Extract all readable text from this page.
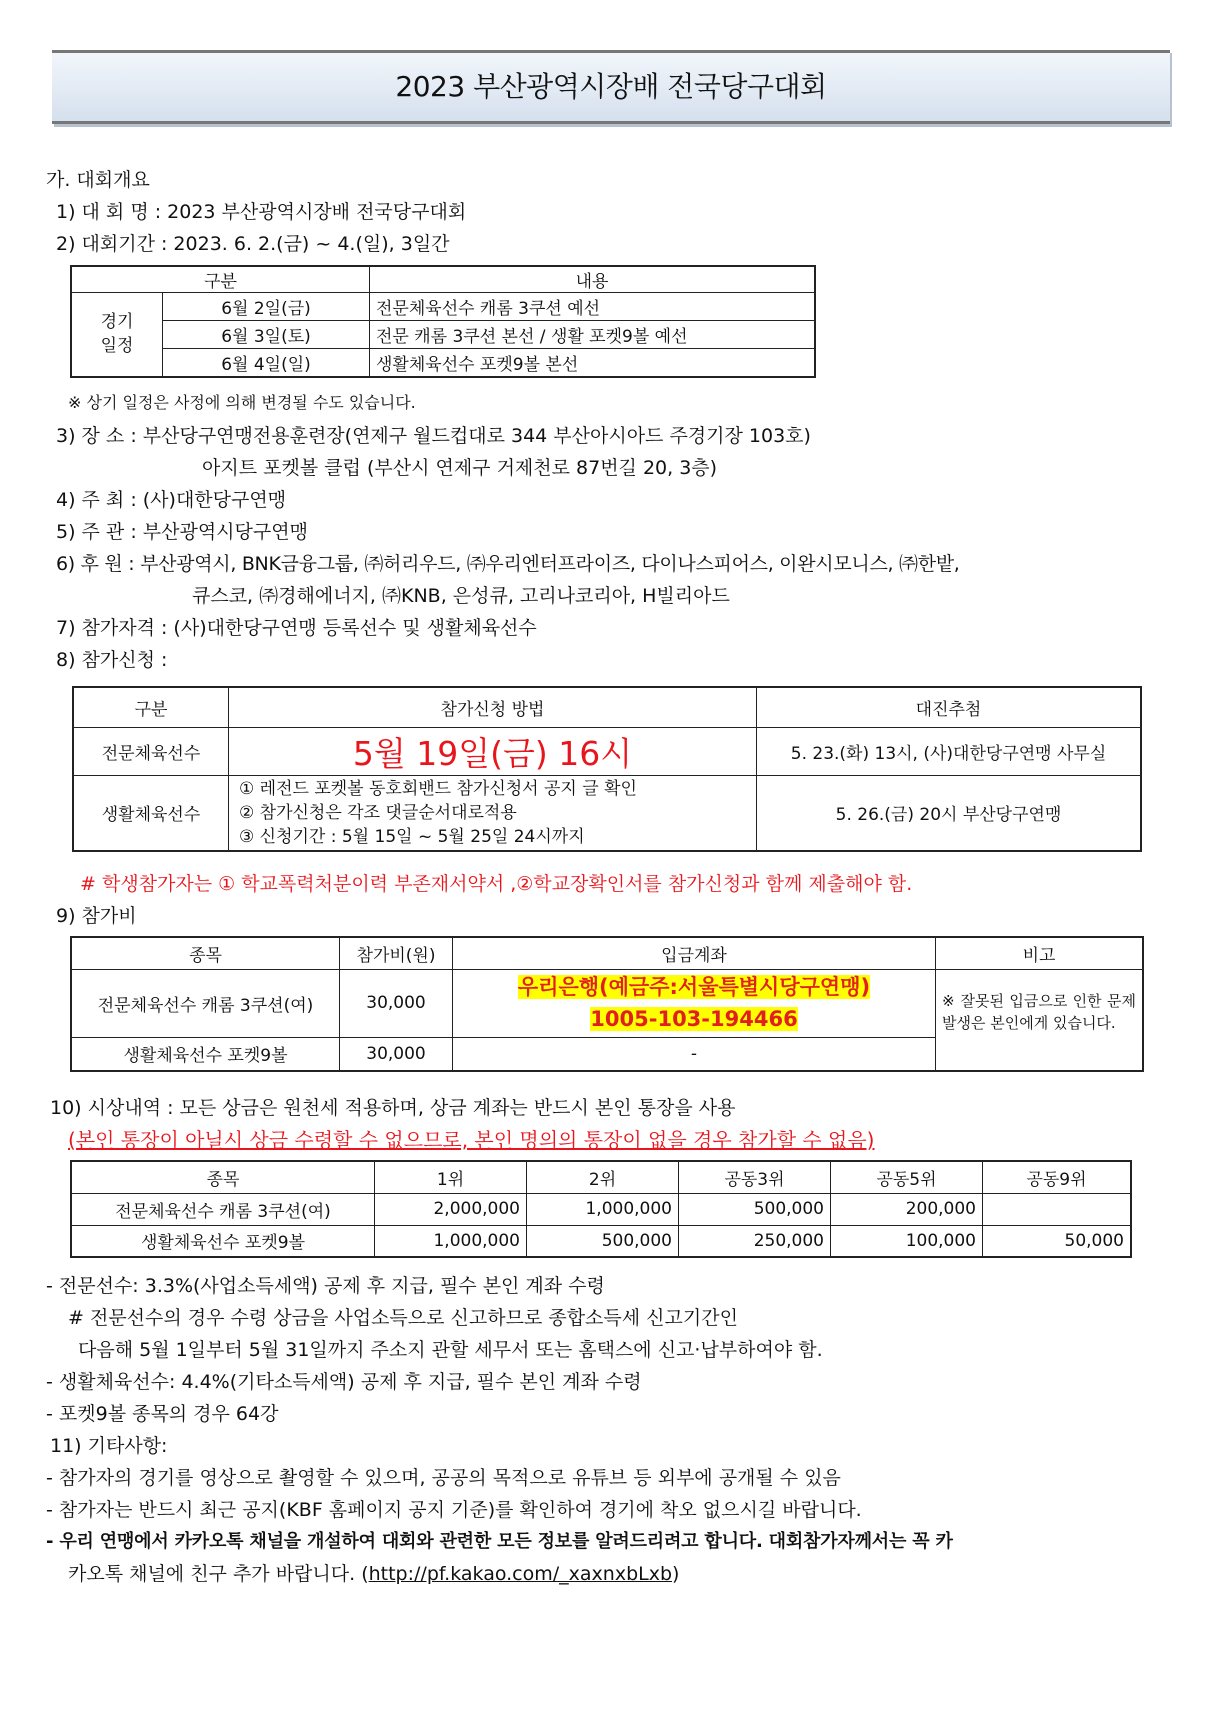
2023 부산광역시장배 전국당구대회
가. 대회개요
1) 대 회 명 : 2023 부산광역시장배 전국당구대회
2) 대회기간 : 2023. 6. 2.(금) ~ 4.(일), 3일간
구분		내용
경기
일정	6월 2일(금)	전문체육선수 캐롬 3쿠션 예선
	6월 3일(토)	전문 캐롬 3쿠션 본선 / 생활 포켓9볼 예선
	6월 4일(일)	생활체육선수 포켓9볼 본선
※ 상기 일정은 사정에 의해 변경될 수도 있습니다.
3) 장 소 : 부산당구연맹전용훈련장(연제구 월드컵대로 344 부산아시아드 주경기장 103호)
아지트 포켓볼 클럽 (부산시 연제구 거제천로 87번길 20, 3층)
4) 주 최 : (사)대한당구연맹
5) 주 관 : 부산광역시당구연맹
6) 후 원 : 부산광역시, BNK금융그룹, ㈜허리우드, ㈜우리엔터프라이즈, 다이나스피어스, 이완시모니스, ㈜한밭,
큐스코, ㈜경해에너지, ㈜KNB, 은성큐, 고리나코리아, H빌리아드
7) 참가자격 : (사)대한당구연맹 등록선수 및 생활체육선수
8) 참가신청 :
구분	참가신청 방법	대진추첨
전문체육선수	5월 19일(금) 16시	5. 23.(화) 13시, (사)대한당구연맹 사무실
생활체육선수	① 레전드 포켓볼 동호회밴드 참가신청서 공지 글 확인
② 참가신청은 각조 댓글순서대로적용
③ 신청기간 : 5월 15일 ~ 5월 25일 24시까지	5. 26.(금) 20시 부산당구연맹
# 학생참가자는 ① 학교폭력처분이력 부존재서약서 ,②학교장확인서를 참가신청과 함께 제출해야 함.
9) 참가비
종목	참가비(원)	입금계좌	비고
전문체육선수 캐롬 3쿠션(여)	30,000	우리은행(예금주:서울특별시당구연맹)
1005-103-194466	※ 잘못된 입금으로 인한 문제 발생은 본인에게 있습니다.
생활체육선수 포켓9볼	30,000	-	
10) 시상내역 : 모든 상금은 원천세 적용하며, 상금 계좌는 반드시 본인 통장을 사용
(본인 통장이 아닐시 상금 수령할 수 없으므로, 본인 명의의 통장이 없을 경우 참가할 수 없음)
종목	1위	2위	공동3위	공동5위	공동9위
전문체육선수 캐롬 3쿠션(여)	2,000,000	1,000,000	500,000	200,000	
생활체육선수 포켓9볼	1,000,000	500,000	250,000	100,000	50,000
- 전문선수: 3.3%(사업소득세액) 공제 후 지급, 필수 본인 계좌 수령
# 전문선수의 경우 수령 상금을 사업소득으로 신고하므로 종합소득세 신고기간인
다음해 5월 1일부터 5월 31일까지 주소지 관할 세무서 또는 홈택스에 신고·납부하여야 함.
- 생활체육선수: 4.4%(기타소득세액) 공제 후 지급, 필수 본인 계좌 수령
- 포켓9볼 종목의 경우 64강
11) 기타사항:
- 참가자의 경기를 영상으로 촬영할 수 있으며, 공공의 목적으로 유튜브 등 외부에 공개될 수 있음
- 참가자는 반드시 최근 공지(KBF 홈페이지 공지 기준)를 확인하여 경기에 착오 없으시길 바랍니다.
- 우리 연맹에서 카카오톡 채널을 개설하여 대회와 관련한 모든 정보를 알려드리려고 합니다. 대회참가자께서는 꼭 카
카오톡 채널에 친구 추가 바랍니다. (http://pf.kakao.com/_xaxnxbLxb)
